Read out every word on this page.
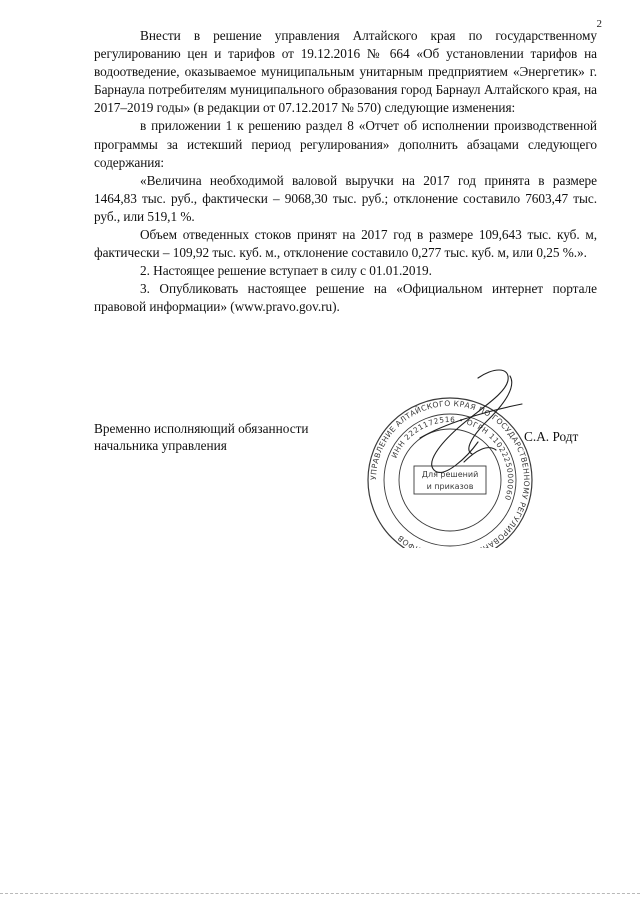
2

Внести в решение управления Алтайского края по государственному регулированию цен и тарифов от 19.12.2016 № 664 «Об установлении тарифов на водоотведение, оказываемое муниципальным унитарным предприятием «Энергетик» г. Барнаула потребителям муниципального образования город Барнаул Алтайского края, на 2017–2019 годы» (в редакции от 07.12.2017 № 570) следующие изменения:

в приложении 1 к решению раздел 8 «Отчет об исполнении производственной программы за истекший период регулирования» дополнить абзацами следующего содержания:

«Величина необходимой валовой выручки на 2017 год принята в размере 1464,83 тыс. руб., фактически – 9068,30 тыс. руб.; отклонение составило 7603,47 тыс. руб., или 519,1 %.

Объем отведенных стоков принят на 2017 год в размере 109,643 тыс. куб. м, фактически – 109,92 тыс. куб. м., отклонение составило 0,277 тыс. куб. м, или 0,25 %.».

2. Настоящее решение вступает в силу с 01.01.2019.

3. Опубликовать настоящее решение на «Официальном интернет портале правовой информации» (www.pravo.gov.ru).

Временно исполняющий обязанности
начальника управления
УПРАВЛЕНИЕ АЛТАЙСКОГО КРАЯ ПО ГОСУДАРСТВЕННОМУ РЕГУЛИРОВАН ФОВ
ИНН 2221172516 • ОГРН 1102225000060
Для решений
и приказов
С.А. Родт
